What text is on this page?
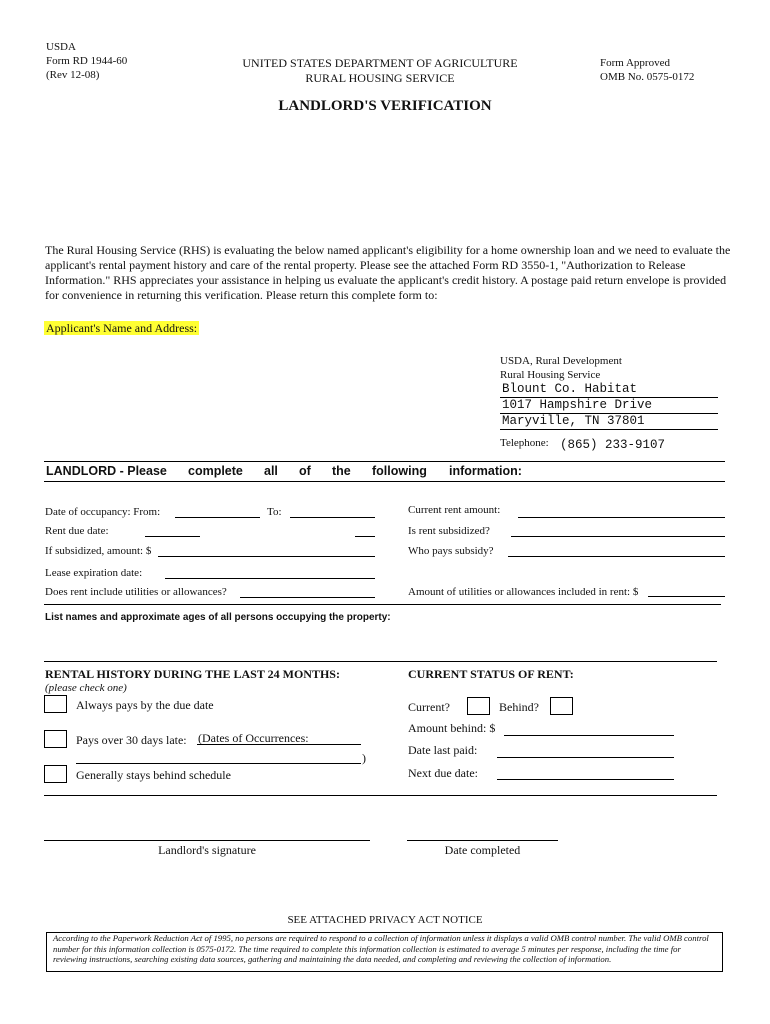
USDA
Form RD 1944-60
(Rev 12-08)
UNITED STATES DEPARTMENT OF AGRICULTURE
RURAL HOUSING SERVICE
Form Approved
OMB No. 0575-0172
LANDLORD'S VERIFICATION
The Rural Housing Service (RHS) is evaluating the below named applicant's eligibility for a home ownership loan and we need to evaluate the applicant's rental payment history and care of the rental property. Please see the attached Form RD 3550-1, "Authorization to Release Information." RHS appreciates your assistance in helping us evaluate the applicant's credit history. A postage paid return envelope is provided for convenience in returning this verification. Please return this complete form to:
Applicant's Name and Address:
USDA, Rural Development
Rural Housing Service
Blount Co. Habitat
1017 Hampshire Drive
Maryville, TN 37801
Telephone: (865) 233-9107
LANDLORD - Please complete all of the following information:
Date of occupancy: From:	To:
Rent due date:
If subsidized, amount: $
Lease expiration date:
Does rent include utilities or allowances?
Current rent amount:
Is rent subsidized?
Who pays subsidy?
Amount of utilities or allowances included in rent: $
List names and approximate ages of all persons occupying the property:
RENTAL HISTORY DURING THE LAST 24 MONTHS:
(please check one)
Always pays by the due date
Pays over 30 days late: (Dates of Occurrences:
)
Generally stays behind schedule
CURRENT STATUS OF RENT:
Current?	Behind?
Amount behind: $
Date last paid:
Next due date:
Landlord's signature	Date completed
SEE ATTACHED PRIVACY ACT NOTICE
According to the Paperwork Reduction Act of 1995, no persons are required to respond to a collection of information unless it displays a valid OMB control number. The valid OMB control number for this information collection is 0575-0172. The time required to complete this information collection is estimated to average 5 minutes per response, including the time for reviewing instructions, searching existing data sources, gathering and maintaining the data needed, and completing and reviewing the collection of information.
